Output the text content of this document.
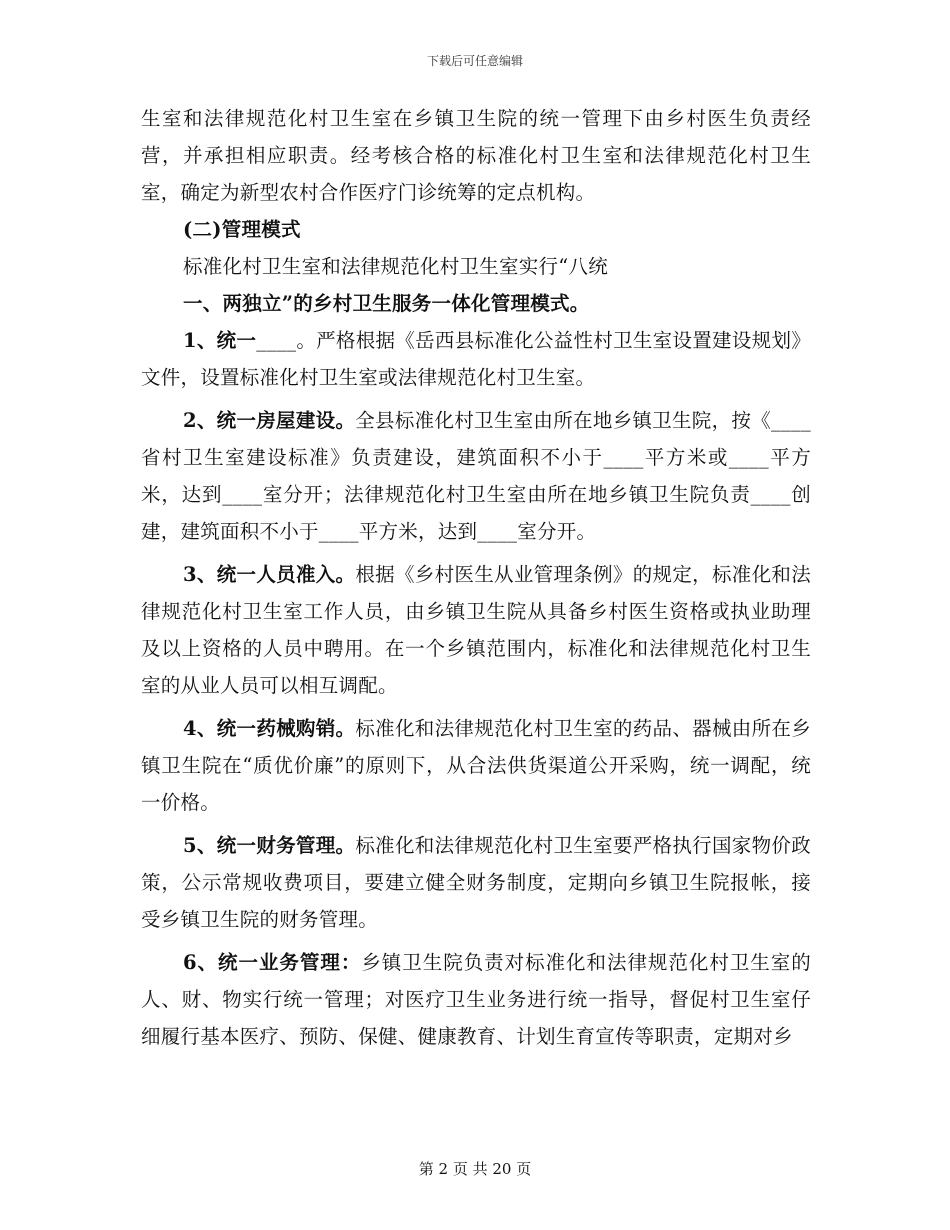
下载后可任意编辑

生室和法律规范化村卫生室在乡镇卫生院的统一管理下由乡村医生负责经营，并承担相应职责。经考核合格的标准化村卫生室和法律规范化村卫生室，确定为新型农村合作医疗门诊统筹的定点机构。

(二)管理模式

标准化村卫生室和法律规范化村卫生室实行“八统

一、两独立”的乡村卫生服务一体化管理模式。

1、统一____。严格根据《岳西县标准化公益性村卫生室设置建设规划》文件，设置标准化村卫生室或法律规范化村卫生室。

2、统一房屋建设。全县标准化村卫生室由所在地乡镇卫生院，按《____省村卫生室建设标准》负责建设，建筑面积不小于____平方米或____平方米，达到____室分开；法律规范化村卫生室由所在地乡镇卫生院负责____创建，建筑面积不小于____平方米，达到____室分开。

3、统一人员准入。根据《乡村医生从业管理条例》的规定，标准化和法律规范化村卫生室工作人员，由乡镇卫生院从具备乡村医生资格或执业助理及以上资格的人员中聘用。在一个乡镇范围内，标准化和法律规范化村卫生室的从业人员可以相互调配。

4、统一药械购销。标准化和法律规范化村卫生室的药品、器械由所在乡镇卫生院在“质优价廉”的原则下，从合法供货渠道公开采购，统一调配，统一价格。

5、统一财务管理。标准化和法律规范化村卫生室要严格执行国家物价政策，公示常规收费项目，要建立健全财务制度，定期向乡镇卫生院报帐，接受乡镇卫生院的财务管理。

6、统一业务管理：乡镇卫生院负责对标准化和法律规范化村卫生室的人、财、物实行统一管理；对医疗卫生业务进行统一指导，督促村卫生室仔细履行基本医疗、预防、保健、健康教育、计划生育宣传等职责，定期对乡

第 2 页 共 20 页
